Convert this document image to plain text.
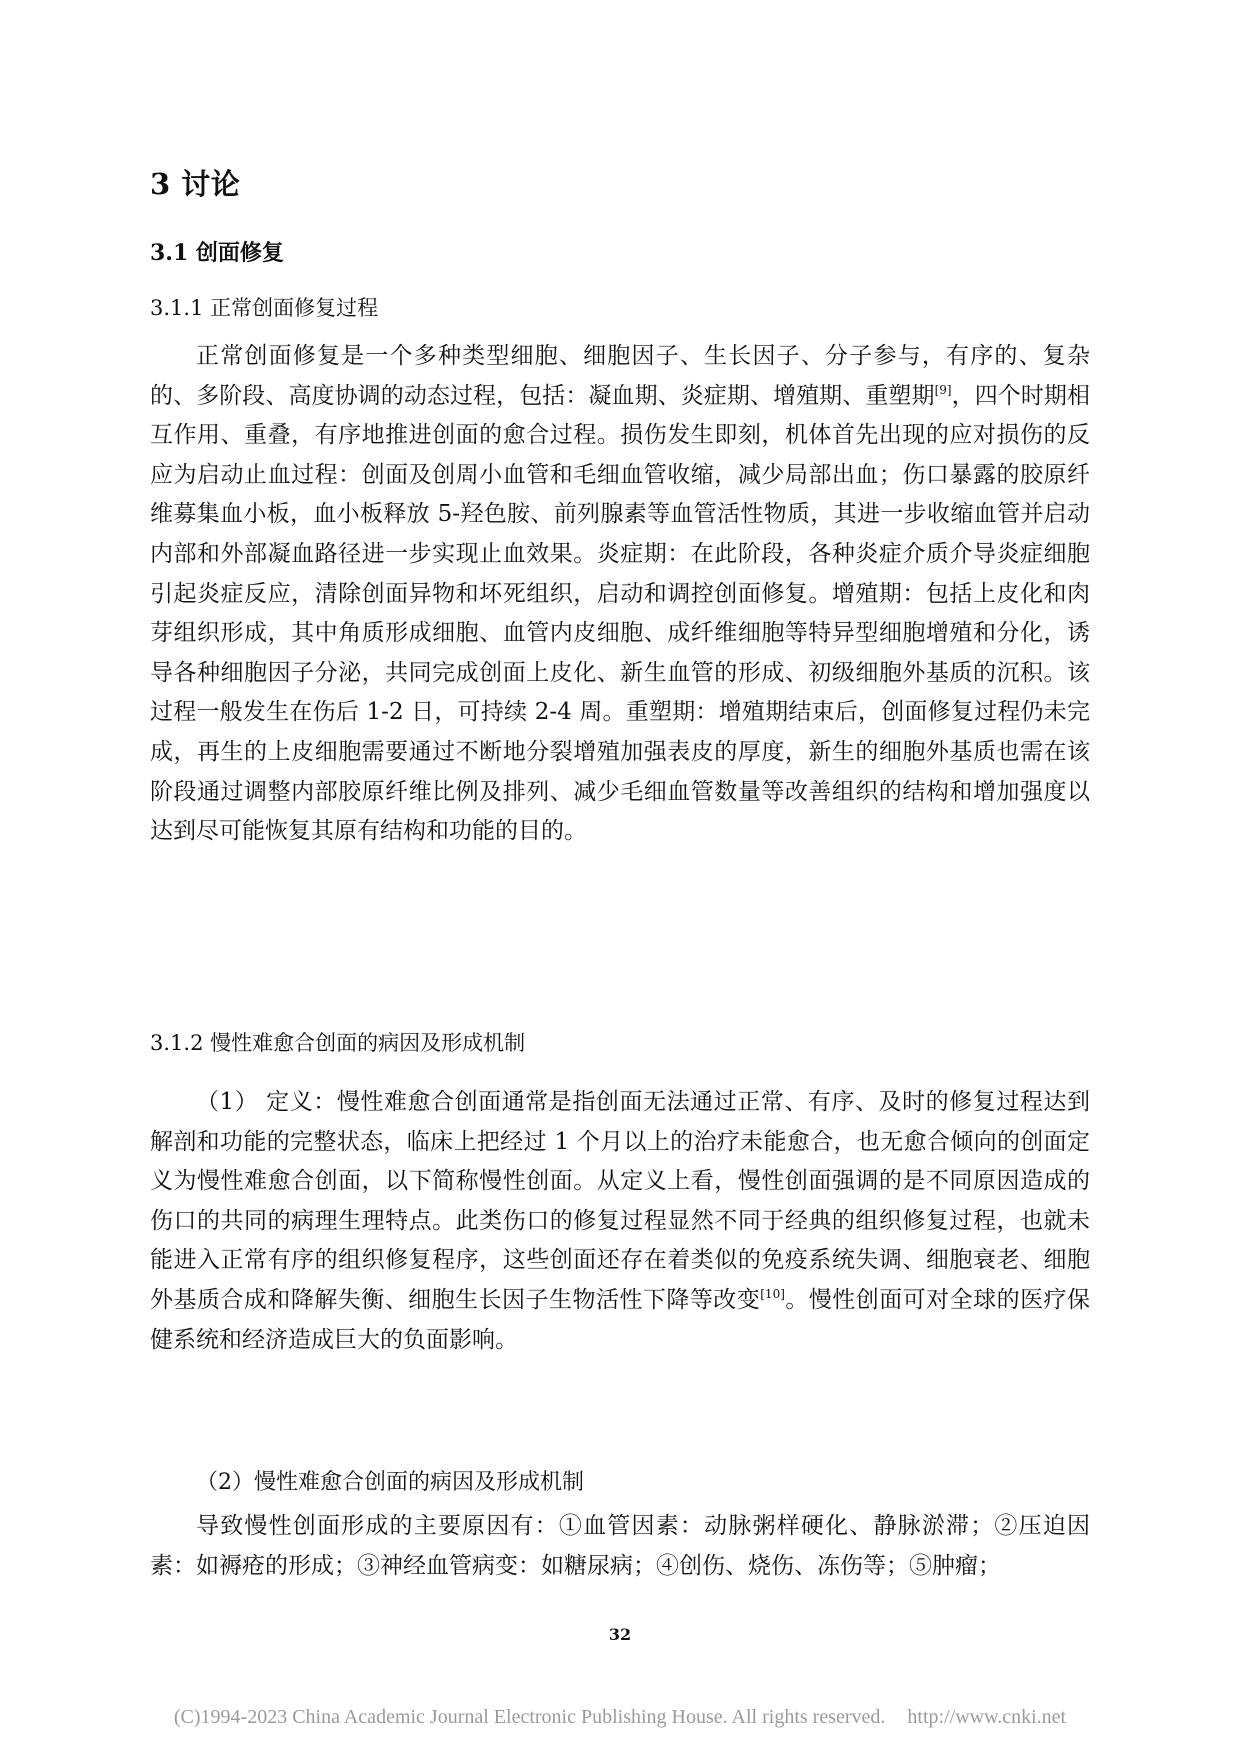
3 讨论
3.1 创面修复
3.1.1 正常创面修复过程

正常创面修复是一个多种类型细胞、细胞因子、生长因子、分子参与，有序的、复杂的、多阶段、高度协调的动态过程，包括：凝血期、炎症期、增殖期、重塑期[9]，四个时期相互作用、重叠，有序地推进创面的愈合过程。损伤发生即刻，机体首先出现的应对损伤的反应为启动止血过程：创面及创周小血管和毛细血管收缩，减少局部出血；伤口暴露的胶原纤维募集血小板，血小板释放 5-羟色胺、前列腺素等血管活性物质，其进一步收缩血管并启动内部和外部凝血路径进一步实现止血效果。炎症期：在此阶段，各种炎症介质介导炎症细胞引起炎症反应，清除创面异物和坏死组织，启动和调控创面修复。增殖期：包括上皮化和肉芽组织形成，其中角质形成细胞、血管内皮细胞、成纤维细胞等特异型细胞增殖和分化，诱导各种细胞因子分泌，共同完成创面上皮化、新生血管的形成、初级细胞外基质的沉积。该过程一般发生在伤后 1-2 日，可持续 2-4 周。重塑期：增殖期结束后，创面修复过程仍未完成，再生的上皮细胞需要通过不断地分裂增殖加强表皮的厚度，新生的细胞外基质也需在该阶段通过调整内部胶原纤维比例及排列、减少毛细血管数量等改善组织的结构和增加强度以达到尽可能恢复其原有结构和功能的目的。

3.1.2 慢性难愈合创面的病因及形成机制

（1） 定义：慢性难愈合创面通常是指创面无法通过正常、有序、及时的修复过程达到解剖和功能的完整状态，临床上把经过 1 个月以上的治疗未能愈合，也无愈合倾向的创面定义为慢性难愈合创面，以下简称慢性创面。从定义上看，慢性创面强调的是不同原因造成的伤口的共同的病理生理特点。此类伤口的修复过程显然不同于经典的组织修复过程，也就未能进入正常有序的组织修复程序，这些创面还存在着类似的免疫系统失调、细胞衰老、细胞外基质合成和降解失衡、细胞生长因子生物活性下降等改变[10]。慢性创面可对全球的医疗保健系统和经济造成巨大的负面影响。

（2）慢性难愈合创面的病因及形成机制

导致慢性创面形成的主要原因有：①血管因素：动脉粥样硬化、静脉淤滞；②压迫因素：如褥疮的形成；③神经血管病变：如糖尿病；④创伤、烧伤、冻伤等；⑤肿瘤；

32
(C)1994-2023 China Academic Journal Electronic Publishing House. All rights reserved. http://www.cnki.net
